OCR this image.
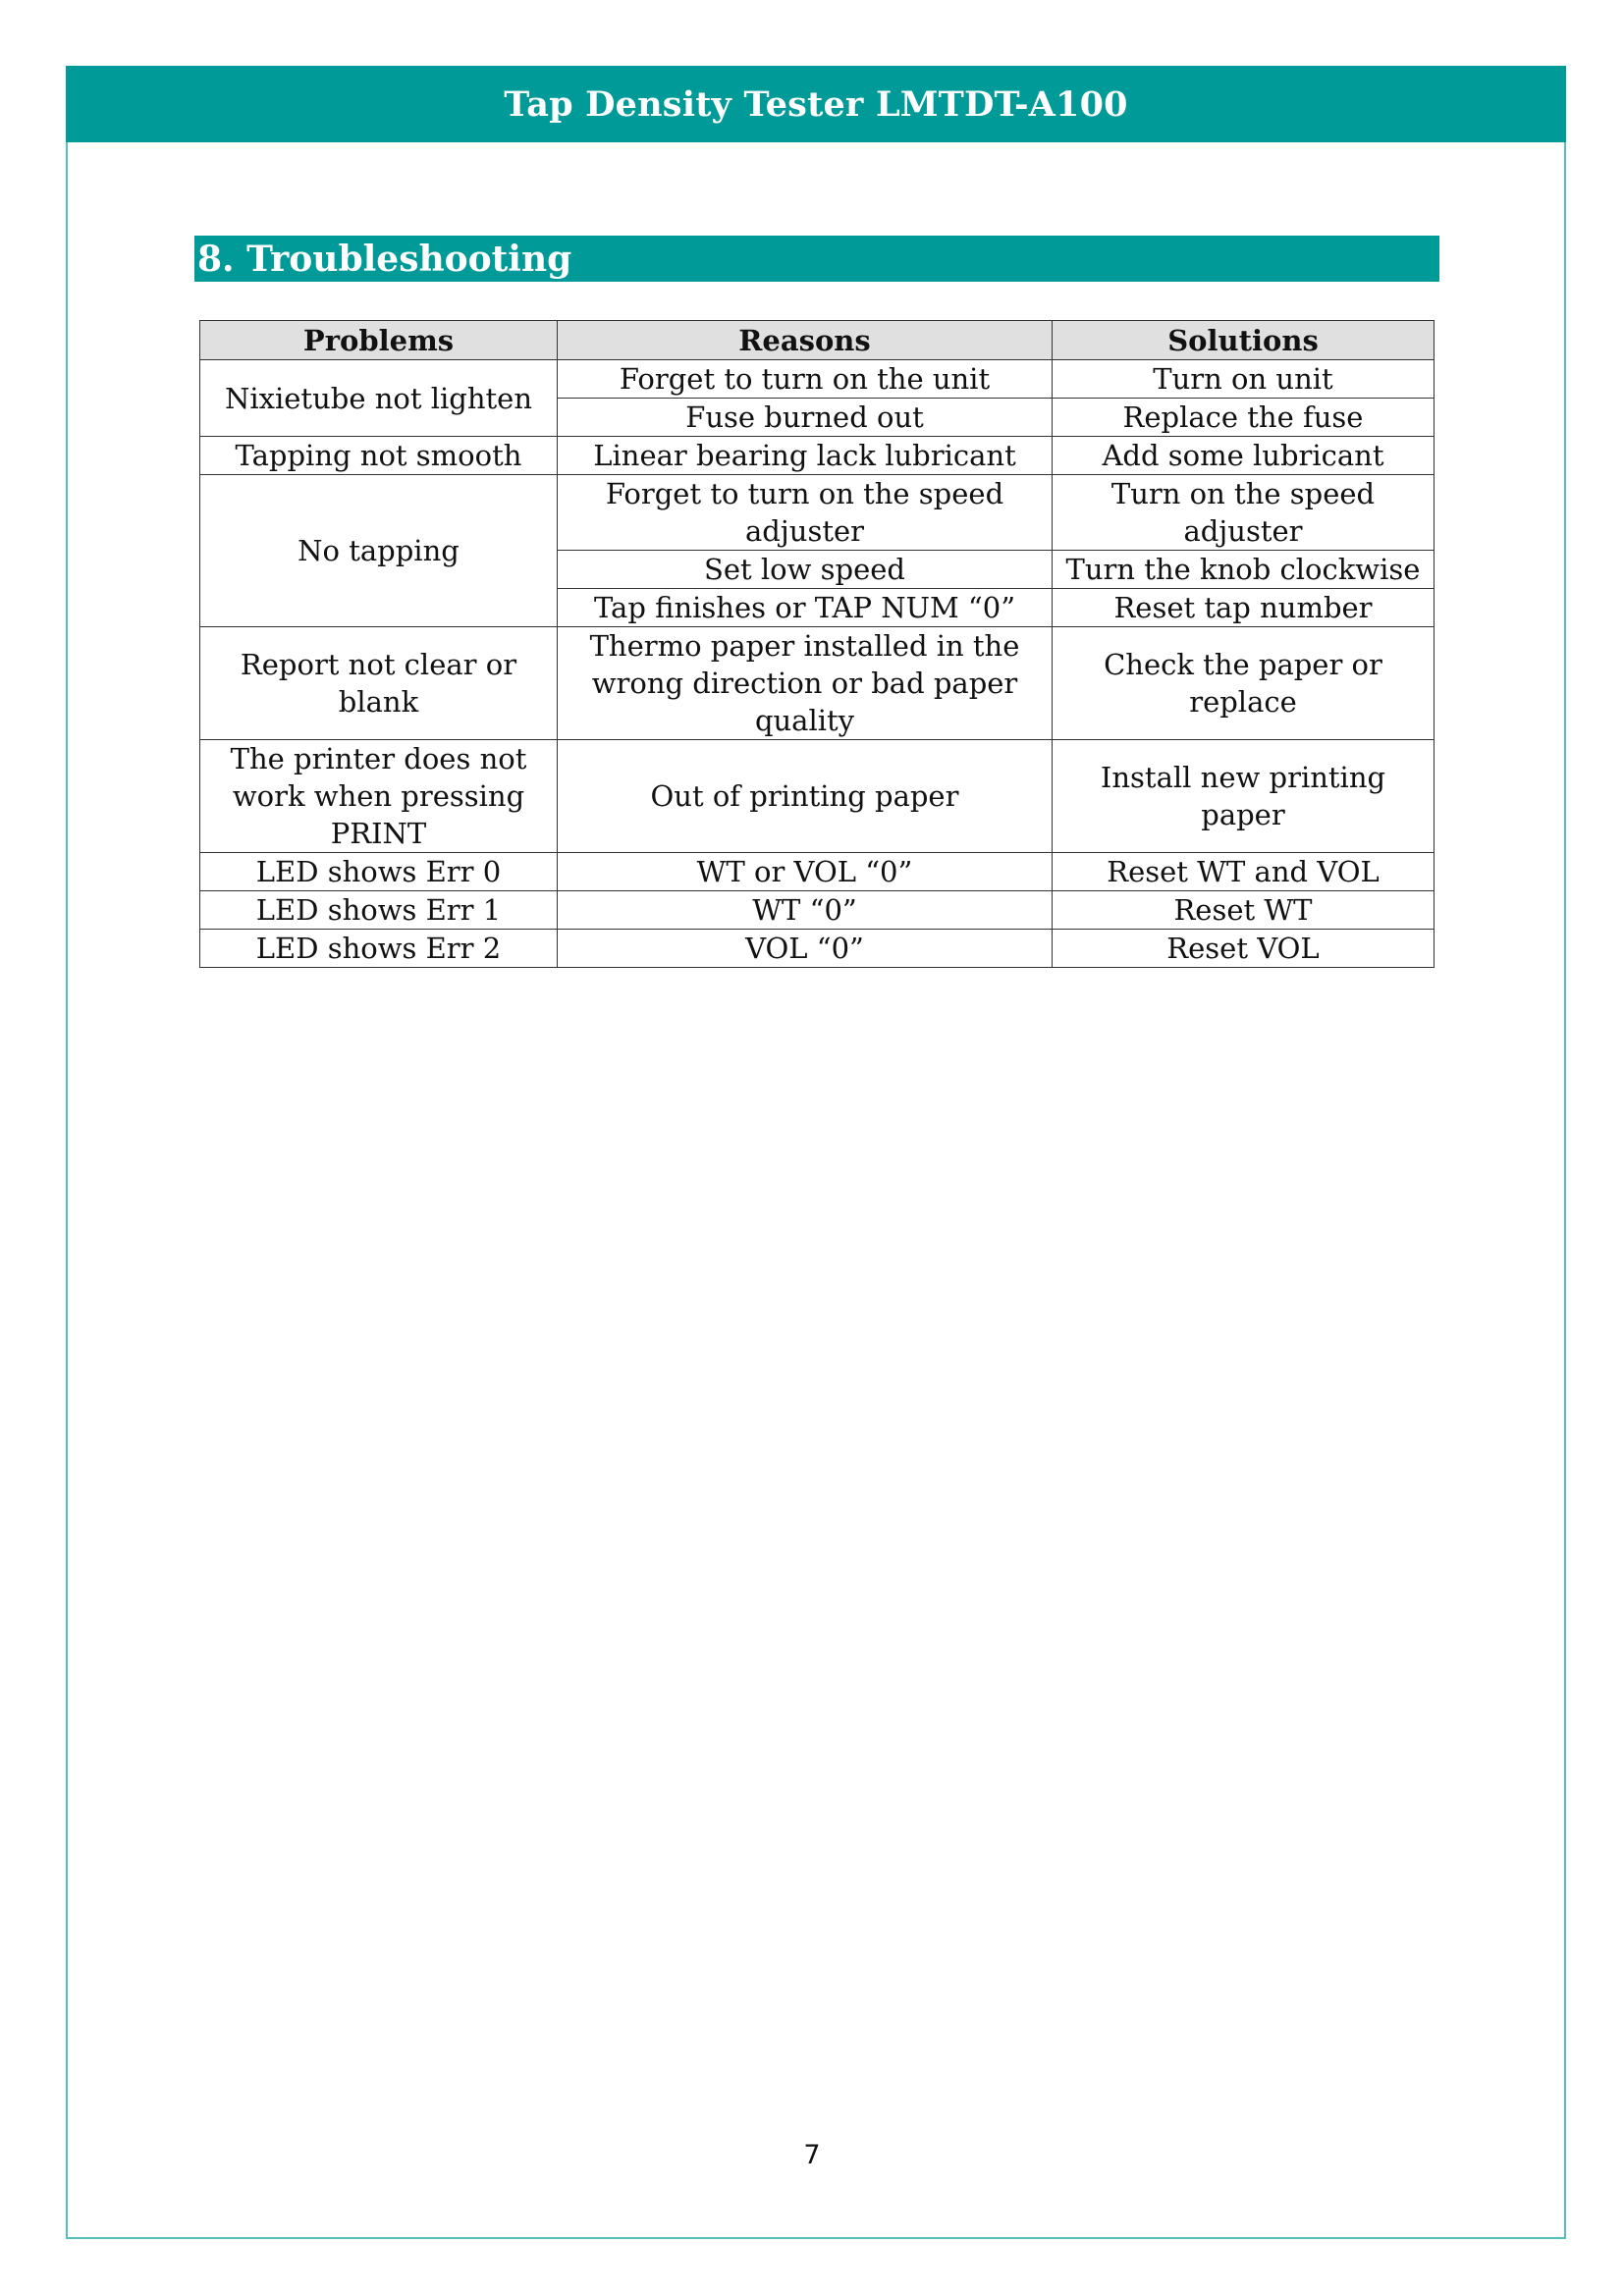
Tap Density Tester LMTDT-A100
8. Troubleshooting
Problems	Reasons	Solutions
Nixietube not lighten	Forget to turn on the unit	Turn on unit
	Fuse burned out	Replace the fuse
Tapping not smooth	Linear bearing lack lubricant	Add some lubricant
No tapping	Forget to turn on the speed adjuster	Turn on the speed adjuster
	Set low speed	Turn the knob clockwise
	Tap finishes or TAP NUM “0”	Reset tap number
Report not clear or blank	Thermo paper installed in the wrong direction or bad paper quality	Check the paper or replace
The printer does not work when pressing PRINT	Out of printing paper	Install new printing paper
LED shows Err 0	WT or VOL “0”	Reset WT and VOL
LED shows Err 1	WT “0”	Reset WT
LED shows Err 2	VOL “0”	Reset VOL
7
